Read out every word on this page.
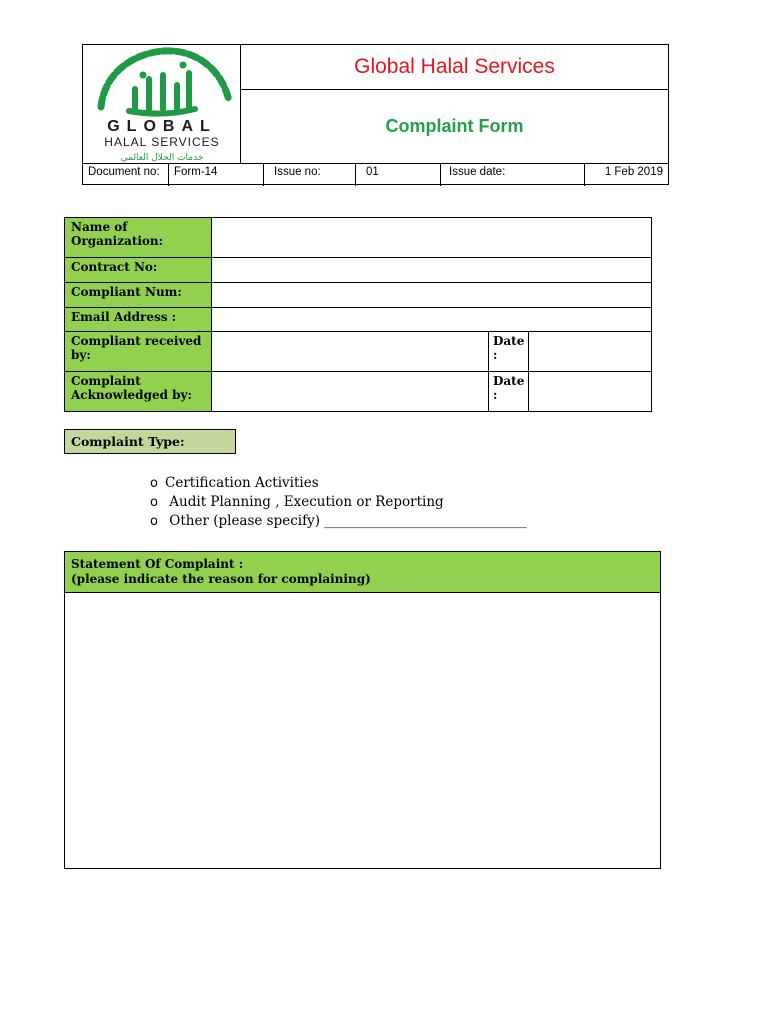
GLOBAL
HALAL SERVICES
خدمات الحلال العالمي
Global Halal Services
Complaint Form
Document no:	Form-14	Issue no:	01	Issue date:	1 Feb 2019
Name of Organization:			
Contract No:			
Compliant Num:			
Email Address :			
Compliant received by:		Date :	
Complaint Acknowledged by:		Date :	
Complaint Type:
o Certification Activities
o Audit Planning , Execution or Reporting
o Other (please specify) ______________________________
Statement Of Complaint :
(please indicate the reason for complaining)
